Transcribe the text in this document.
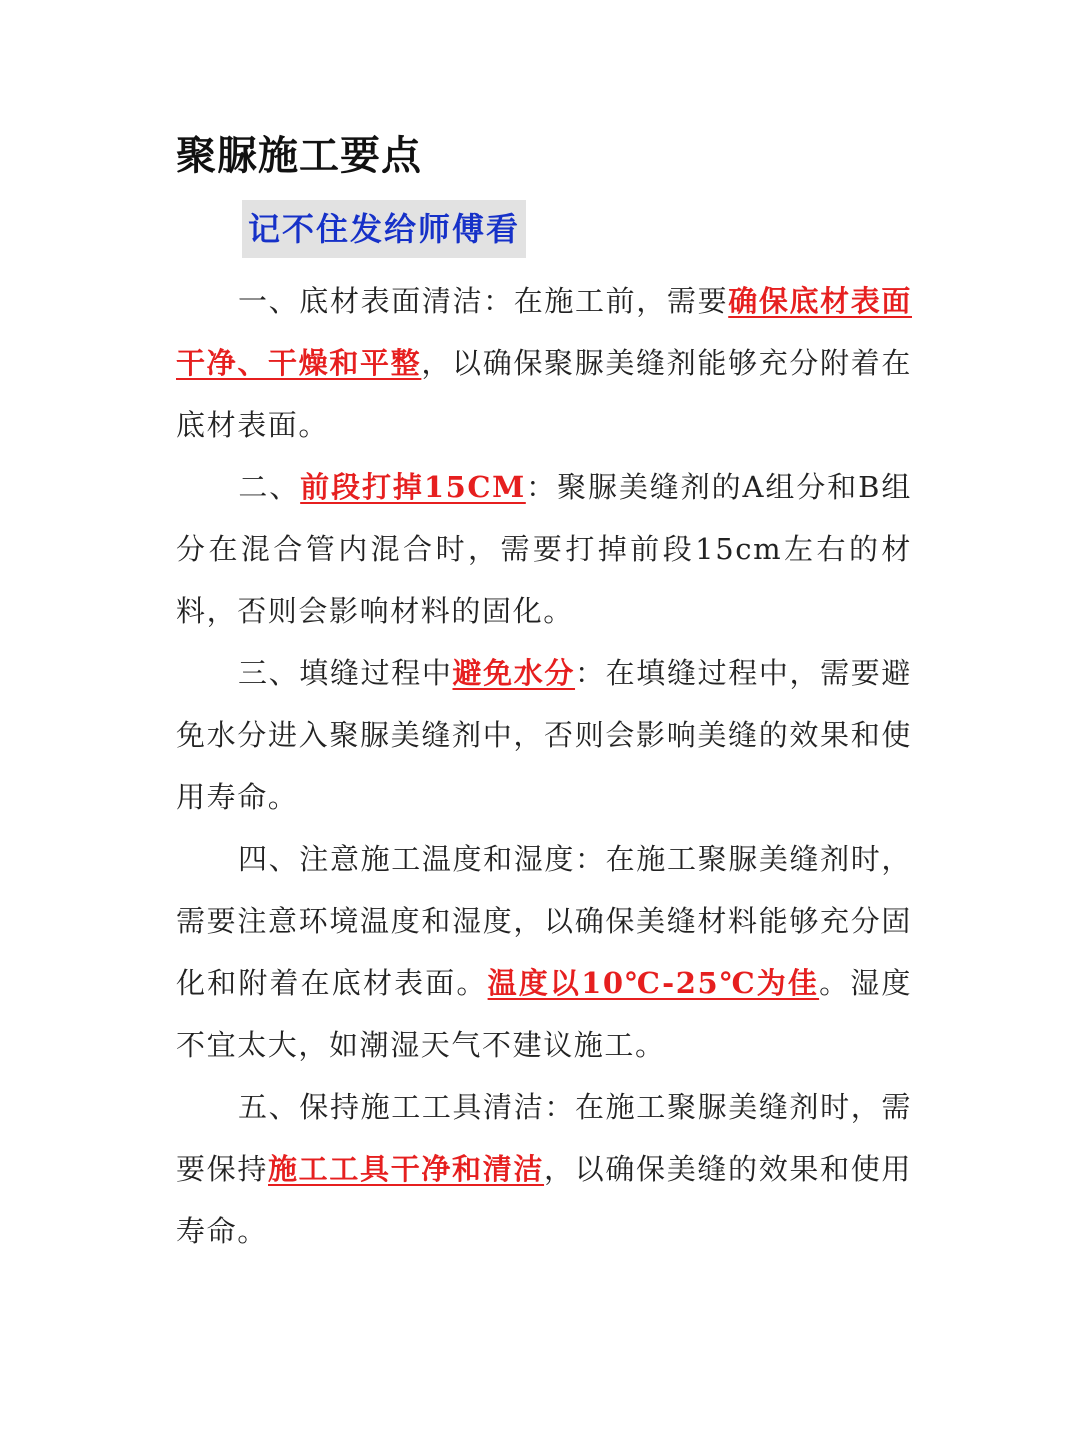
聚脲施工要点
记不住发给师傅看

一、底材表面清洁：在施工前，需要确保底材表面干净、干燥和平整，以确保聚脲美缝剂能够充分附着在底材表面。

二、前段打掉15CM：聚脲美缝剂的A组分和B组分在混合管内混合时，需要打掉前段15cm左右的材料，否则会影响材料的固化。

三、填缝过程中避免水分：在填缝过程中，需要避免水分进入聚脲美缝剂中，否则会影响美缝的效果和使用寿命。

四、注意施工温度和湿度：在施工聚脲美缝剂时，需要注意环境温度和湿度，以确保美缝材料能够充分固化和附着在底材表面。温度以10℃-25℃为佳。湿度不宜太大，如潮湿天气不建议施工。

五、保持施工工具清洁：在施工聚脲美缝剂时，需要保持施工工具干净和清洁，以确保美缝的效果和使用寿命。
